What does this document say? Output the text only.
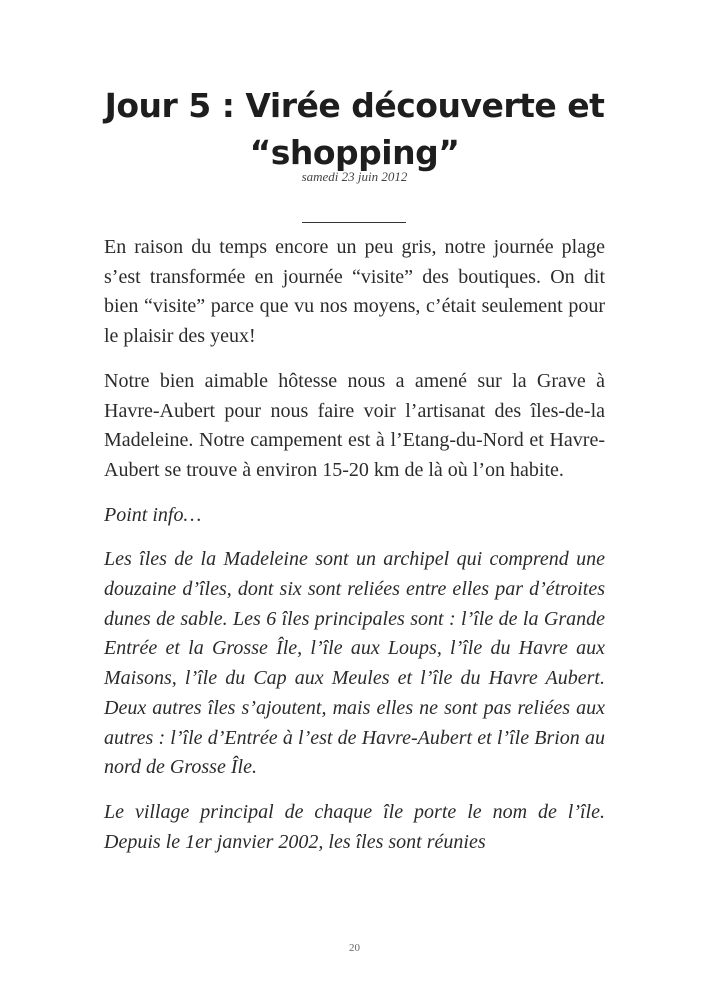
Jour 5 : Virée découverte et “shopping”
samedi 23 juin 2012

En raison du temps encore un peu gris, notre journée plage s’est transformée en journée “visite” des boutiques. On dit bien “visite” parce que vu nos moyens, c’était seulement pour le plaisir des yeux!

Notre bien aimable hôtesse nous a amené sur la Grave à Havre-Aubert pour nous faire voir l’artisanat des îles-de-la Madeleine. Notre campement est à l’Etang-du-Nord et Havre-Aubert se trouve à environ 15-20 km de là où l’on habite.

Point info…

Les îles de la Madeleine sont un archipel qui comprend une douzaine d’îles, dont six sont reliées entre elles par d’étroites dunes de sable. Les 6 îles principales sont : l’île de la Grande Entrée et la Grosse Île, l’île aux Loups, l’île du Havre aux Maisons, l’île du Cap aux Meules et l’île du Havre Aubert. Deux autres îles s’ajoutent, mais elles ne sont pas reliées aux autres : l’île d’Entrée à l’est de Havre-Aubert et l’île Brion au nord de Grosse Île.

Le village principal de chaque île porte le nom de l’île. Depuis le 1er janvier 2002, les îles sont réunies

20
